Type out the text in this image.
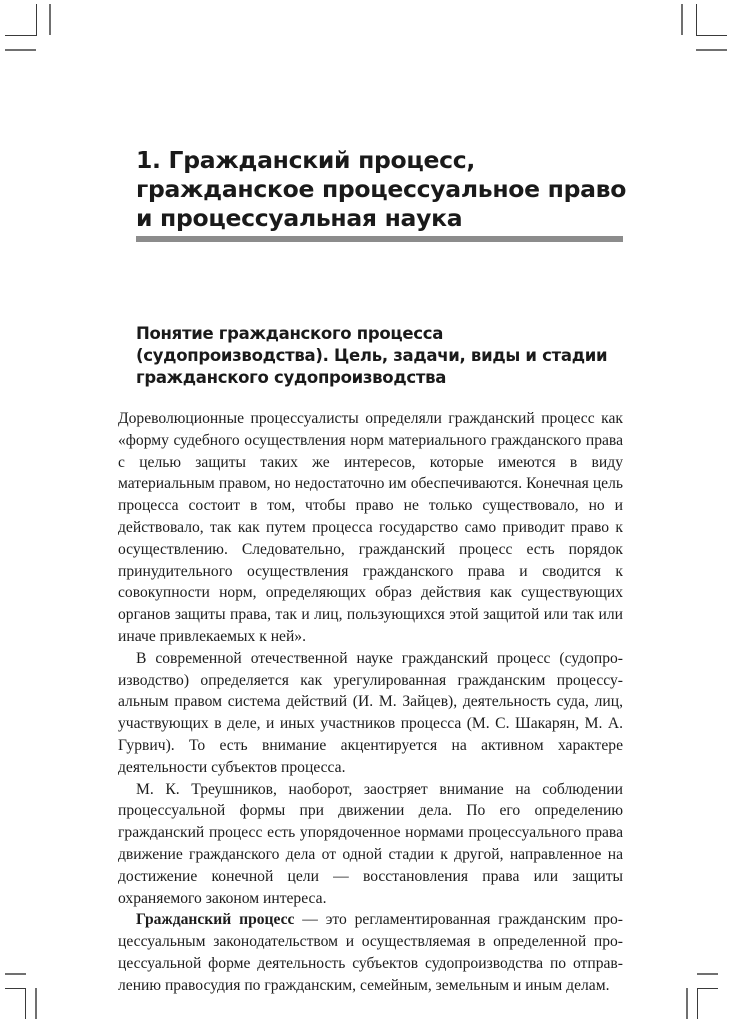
1. Гражданский процесс, гражданское процессуальное право и процессуальная наука
Понятие гражданского процесса (судопроизводства). Цель, задачи, виды и стадии гражданского судопроизводства

Дореволюционные процессуалисты определяли гражданский процесс как «форму судебного осуществления норм материального гражданского права с целью защиты таких же интересов, которые имеются в виду материальным правом, но недостаточно им обеспечиваются. Конечная цель процесса состоит в том, чтобы право не только существовало, но и действовало, так как путем процесса государство само приводит право к осуществлению. Следовательно, гражданский процесс есть порядок принудительного осуществления гражданского права и сводится к совокупности норм, определяющих образ действия как существующих органов защиты права, так и лиц, пользующихся этой защитой или так или иначе привлекаемых к ней».

В современной отечественной науке гражданский процесс (судопроизводство) определяется как урегулированная гражданским процессуальным правом система действий (И. М. Зайцев), деятельность суда, лиц, участвующих в деле, и иных участников процесса (М. С. Шакарян, М. А. Гурвич). То есть внимание акцентируется на активном характере деятельности субъектов процесса.

М. К. Треушников, наоборот, заостряет внимание на соблюдении процессуальной формы при движении дела. По его определению гражданский процесс есть упорядоченное нормами процессуального права движение гражданского дела от одной стадии к другой, направленное на достижение конечной цели — восстановления права или защиты охраняемого законом интереса.

Гражданский процесс — это регламентированная гражданским процессуальным законодательством и осуществляемая в определенной процессуальной форме деятельность субъектов судопроизводства по отправлению правосудия по гражданским, семейным, земельным и иным делам.
